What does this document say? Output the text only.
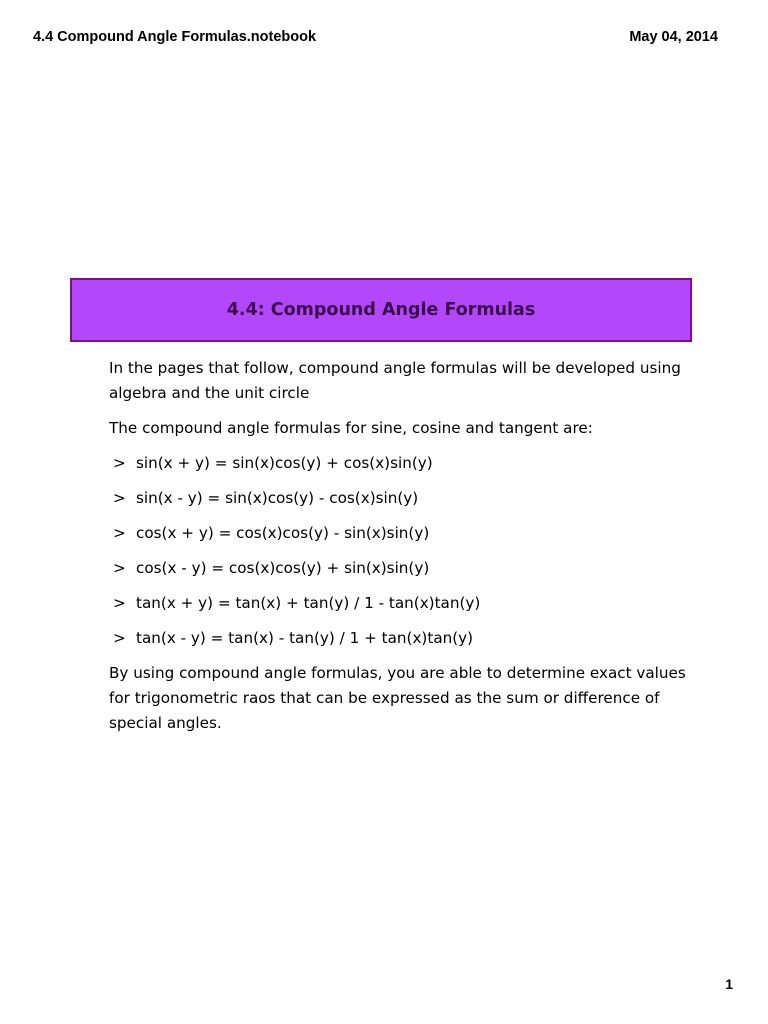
4.4 Compound Angle Formulas.notebook	May 04, 2014
4.4: Compound Angle Formulas

In the pages that follow, compound angle formulas will be developed using algebra and the unit circle

The compound angle formulas for sine, cosine and tangent are:

> sin(x + y) = sin(x)cos(y) + cos(x)sin(y)
> sin(x - y) = sin(x)cos(y) - cos(x)sin(y)
> cos(x + y) = cos(x)cos(y) - sin(x)sin(y)
> cos(x - y) = cos(x)cos(y) + sin(x)sin(y)
> tan(x + y) = tan(x) + tan(y) / 1 - tan(x)tan(y)
> tan(x - y) = tan(x) - tan(y) / 1 + tan(x)tan(y)

By using compound angle formulas, you are able to determine exact values for trigonometric raos that can be expressed as the sum or difference of special angles.

1
